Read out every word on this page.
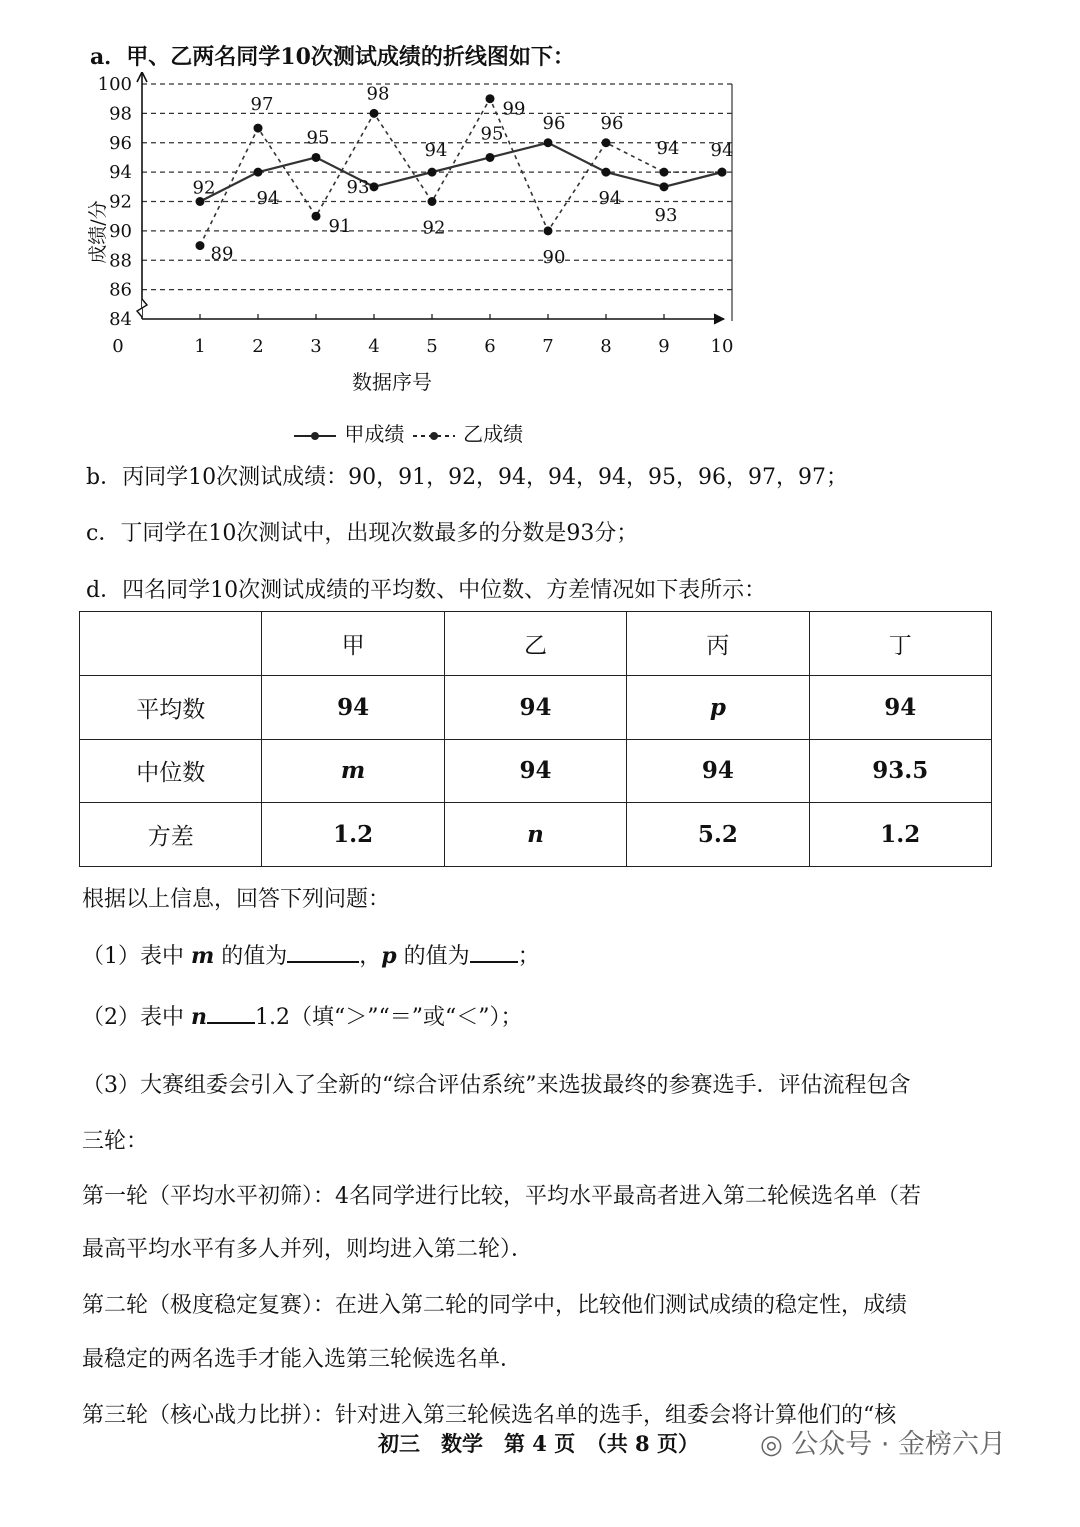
a．甲、乙两名同学10次测试成绩的折线图如下：
84
86
88
90
92
94
96
98
100
0	1	2	3	4	5	6	7	8	9 10
92
94
95
93
94
95
96
94
93
94
89
97
91
98
92
99
90
96
94
成绩/分
数据序号
甲成绩	乙成绩
b．丙同学10次测试成绩：90，91，92，94，94，94，95，96，97，97；
c．丁同学在10次测试中，出现次数最多的分数是93分；
d．四名同学10次测试成绩的平均数、中位数、方差情况如下表所示：
	甲	乙	丙	丁
平均数	94	94	p	94
中位数	m	94	94	93.5
方差	1.2	n	5.2	1.2
根据以上信息，回答下列问题：
（1）表中 m 的值为	，p 的值为 ；
（2）表中 n 1.2（填“＞”“＝”或“＜”）；
（3）大赛组委会引入了全新的“综合评估系统”来选拔最终的参赛选手．评估流程包含
三轮：
第一轮（平均水平初筛）：4名同学进行比较，平均水平最高者进入第二轮候选名单（若
最高平均水平有多人并列，则均进入第二轮）．
第二轮（极度稳定复赛）：在进入第二轮的同学中，比较他们测试成绩的稳定性，成绩
最稳定的两名选手才能入选第三轮候选名单．
第三轮（核心战力比拼）：针对进入第三轮候选名单的选手，组委会将计算他们的“核
初三　数学　第 4 页　（共 8 页） ◎ 公众号 · 金榜六月
